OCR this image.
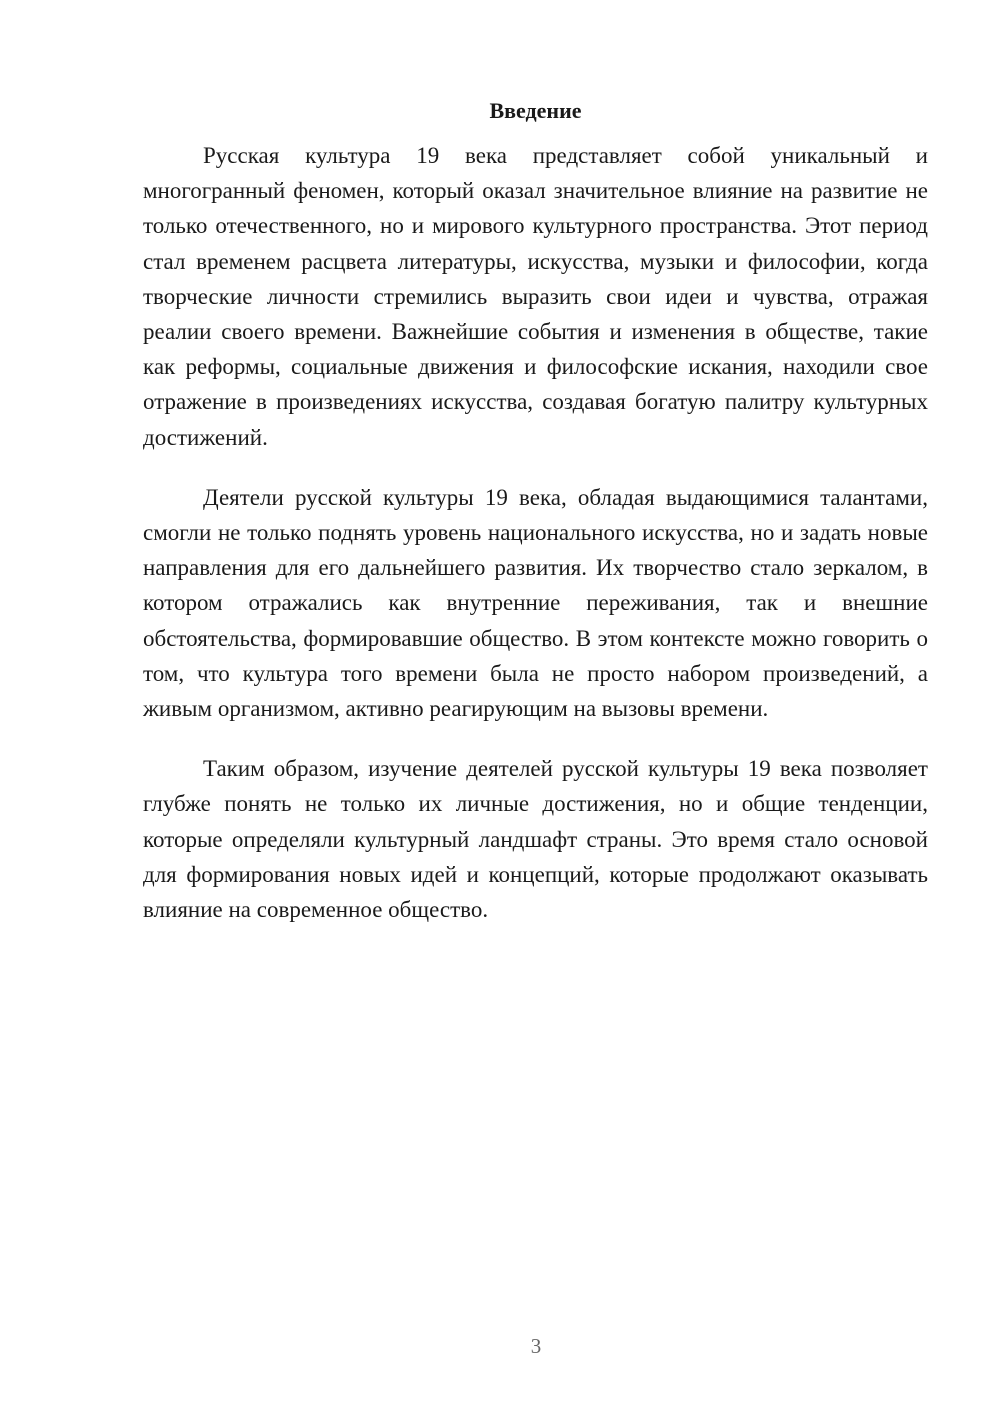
Введение

Русская культура 19 века представляет собой уникальный и многогранный феномен, который оказал значительное влияние на развитие не только отечественного, но и мирового культурного пространства. Этот период стал временем расцвета литературы, искусства, музыки и философии, когда творческие личности стремились выразить свои идеи и чувства, отражая реалии своего времени. Важнейшие события и изменения в обществе, такие как реформы, социальные движения и философские искания, находили свое отражение в произведениях искусства, создавая богатую палитру культурных достижений.

Деятели русской культуры 19 века, обладая выдающимися талантами, смогли не только поднять уровень национального искусства, но и задать новые направления для его дальнейшего развития. Их творчество стало зеркалом, в котором отражались как внутренние переживания, так и внешние обстоятельства, формировавшие общество. В этом контексте можно говорить о том, что культура того времени была не просто набором произведений, а живым организмом, активно реагирующим на вызовы времени.

Таким образом, изучение деятелей русской культуры 19 века позволяет глубже понять не только их личные достижения, но и общие тенденции, которые определяли культурный ландшафт страны. Это время стало основой для формирования новых идей и концепций, которые продолжают оказывать влияние на современное общество.

3
